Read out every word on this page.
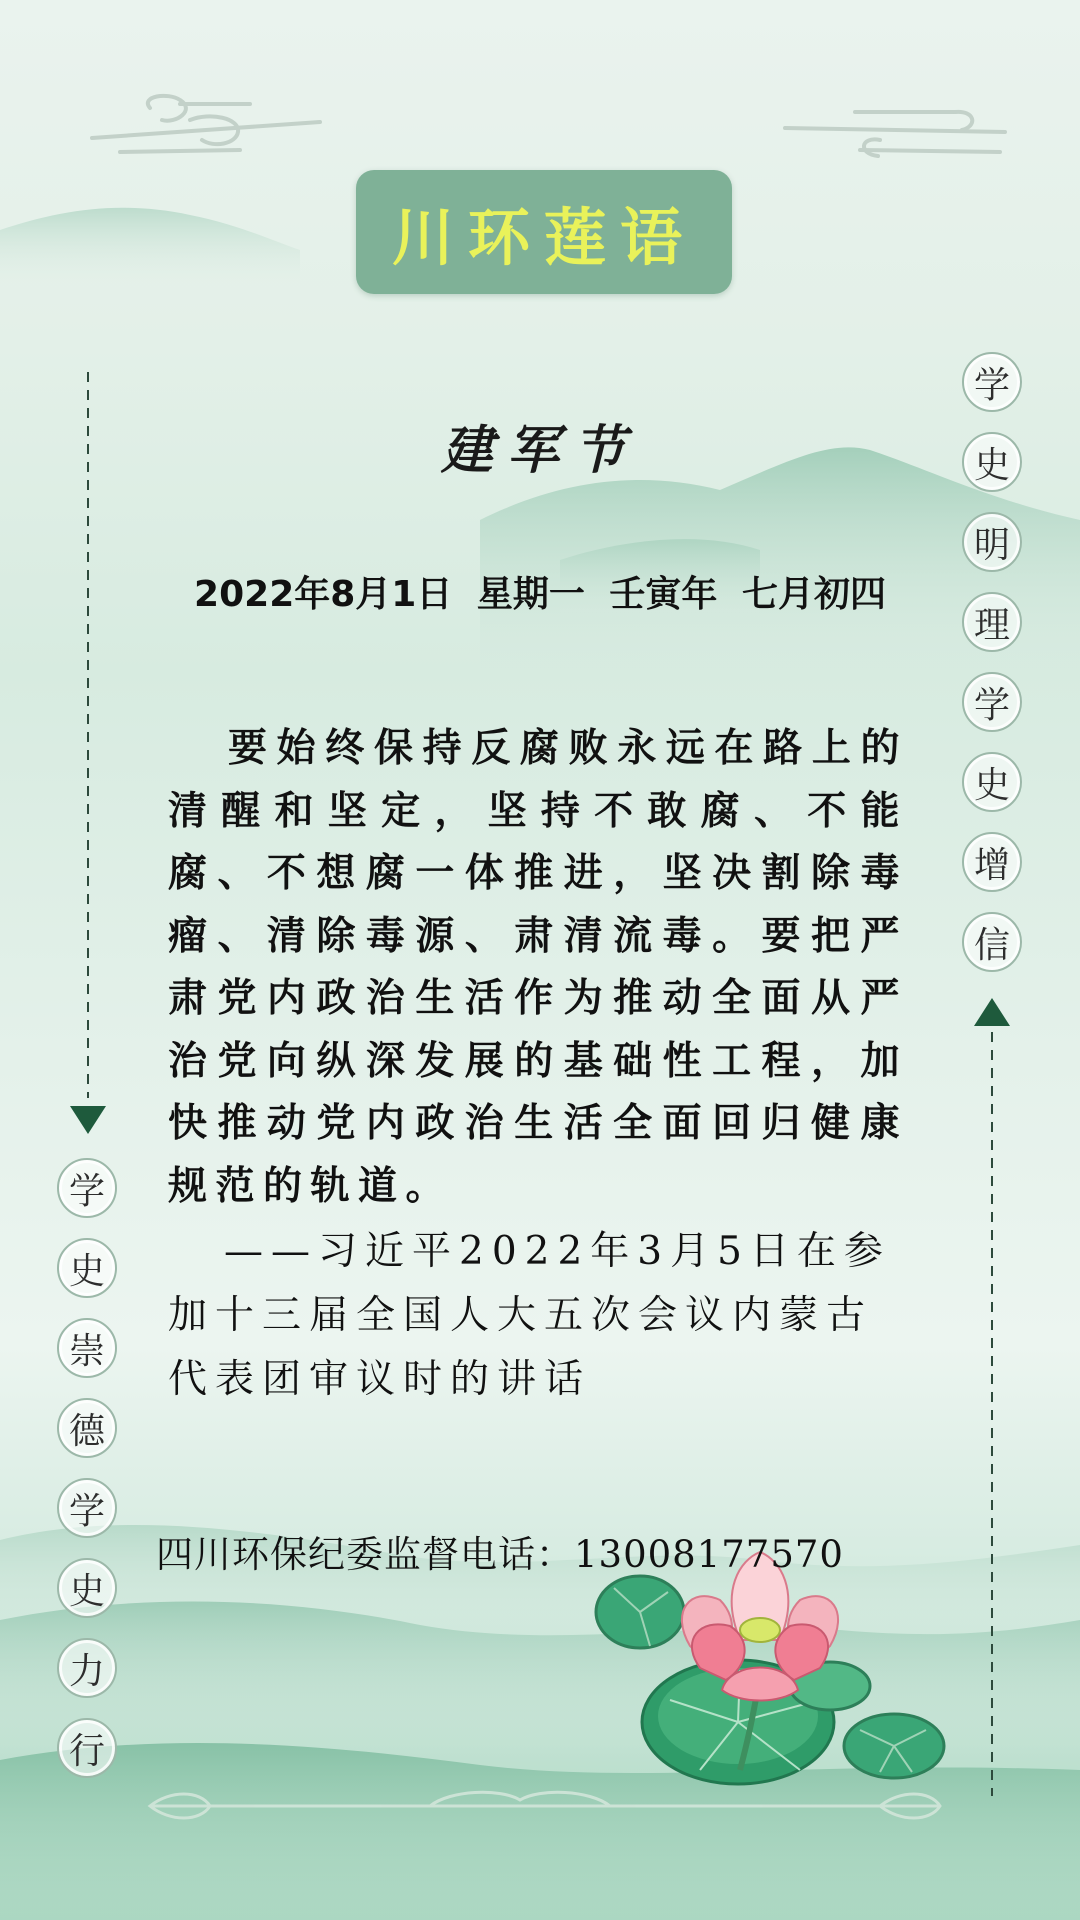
川环莲语
建军节
2022年8月1日 星期一 壬寅年 七月初四
要始终保持反腐败永远在路上的清醒和坚定，坚持不敢腐、不能腐、不想腐一体推进，坚决割除毒瘤、清除毒源、肃清流毒。要把严肃党内政治生活作为推动全面从严治党向纵深发展的基础性工程，加快推动党内政治生活全面回归健康规范的轨道。
——习近平2022年3月5日在参加十三届全国人大五次会议内蒙古代表团审议时的讲话
四川环保纪委监督电话：13008177570
学
史
崇
德
学
史
力
行
学
史
明
理
学
史
增
信
